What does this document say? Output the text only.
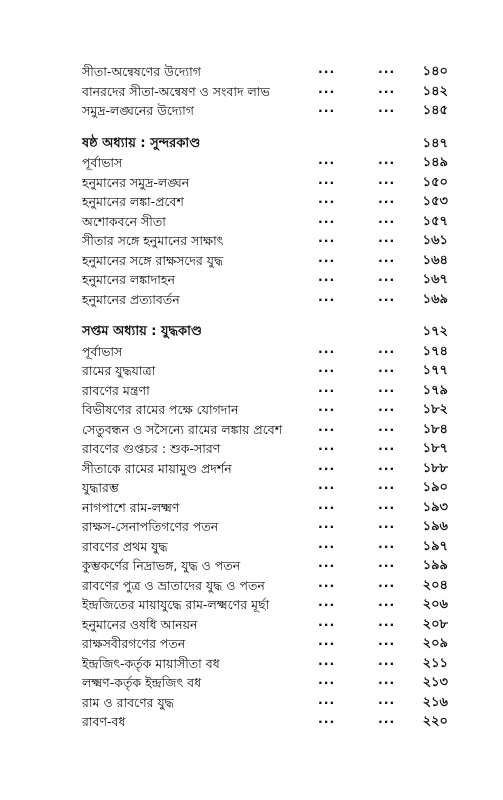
সীতা-অন্বেষণের উদ্যোগ	...	... ১৪০
বানরদের সীতা-অন্বেষণ ও সংবাদ লাভ	...	... ১৪২
সমুদ্র-লঙ্ঘনের উদ্যোগ	...	... ১৪৫
ষষ্ঠ অধ্যায় : সুন্দরকাণ্ড	১৪৭
পূর্বাভাস	...	... ১৪৯
হনুমানের সমুদ্র-লঙ্ঘন	...	... ১৫০
হনুমানের লঙ্কা-প্রবেশ	...	... ১৫৩
অশোকবনে সীতা	...	... ১৫৭
সীতার সঙ্গে হনুমানের সাক্ষাৎ	...	... ১৬১
হনুমানের সঙ্গে রাক্ষসদের যুদ্ধ	...	... ১৬৪
হনুমানের লঙ্কাদাহন	...	... ১৬৭
হনুমানের প্রত্যাবর্তন	...	... ১৬৯
সপ্তম অধ্যায় : যুদ্ধকাণ্ড	১৭২
পূর্বাভাস	...	... ১৭৪
রামের যুদ্ধযাত্রা	...	... ১৭৭
রাবণের মন্ত্রণা	...	... ১৭৯
বিভীষণের রামের পক্ষে যোগদান	...	... ১৮২
সেতুবন্ধন ও সসৈন্যে রামের লঙ্কায় প্রবেশ	...	... ১৮৪
রাবণের গুপ্তচর : শুক-সারণ	...	... ১৮৭
সীতাকে রামের মায়ামুণ্ড প্রদর্শন	...	... ১৮৮
যুদ্ধারম্ভ	...	... ১৯০
নাগপাশে রাম-লক্ষ্মণ	...	... ১৯৩
রাক্ষস-সেনাপতিগণের পতন	...	... ১৯৬
রাবণের প্রথম যুদ্ধ	...	... ১৯৭
কুম্ভকর্ণের নিদ্রাভঙ্গ, যুদ্ধ ও পতন	...	... ১৯৯
রাবণের পুত্র ও ভ্রাতাদের যুদ্ধ ও পতন	...	... ২০৪
ইন্দ্রজিতের মায়াযুদ্ধে রাম-লক্ষ্মণের মূর্ছা	...	... ২০৬
হনুমানের ওষধি আনয়ন	...	... ২০৮
রাক্ষসবীরগণের পতন	...	... ২০৯
ইন্দ্রজিৎ-কর্তৃক মায়াসীতা বধ	...	... ২১১
লক্ষ্মণ-কর্তৃক ইন্দ্রজিৎ বধ	...	... ২১৩
রাম ও রাবণের যুদ্ধ	...	... ২১৬
রাবণ-বধ	...	... ২২০
